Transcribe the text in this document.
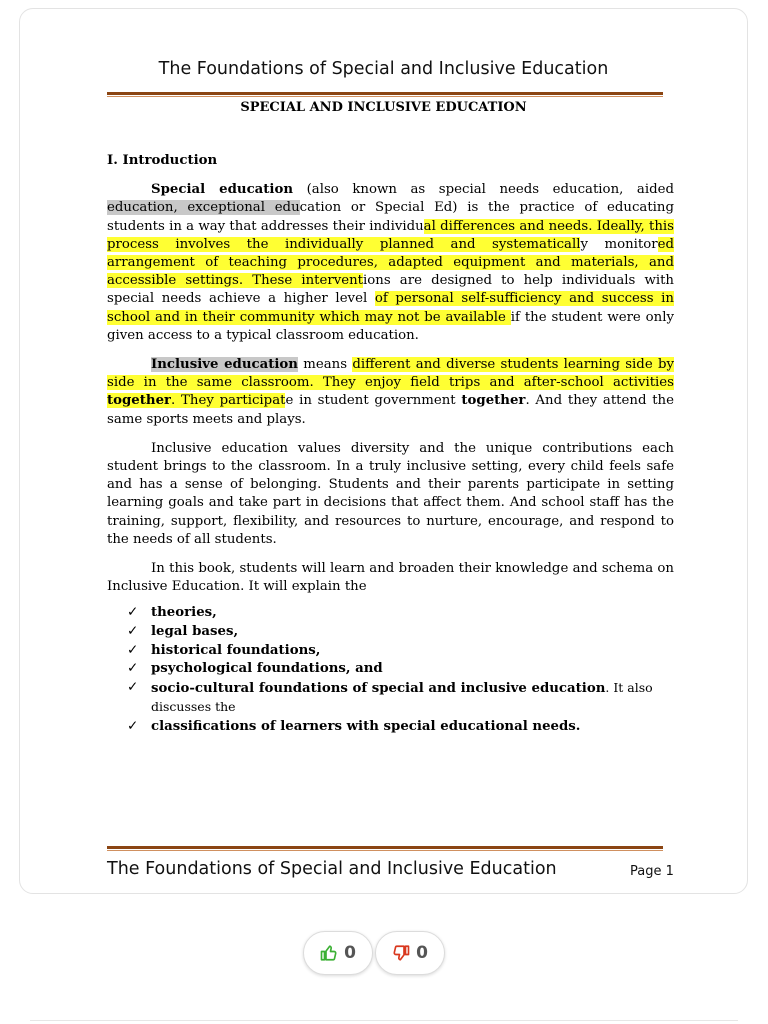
The Foundations of Special and Inclusive Education
SPECIAL AND INCLUSIVE EDUCATION

I. Introduction

Special education (also known as special needs education, aided education, exceptional education or Special Ed) is the practice of educating students in a way that addresses their individual differences and needs. Ideally, this process involves the individually planned and systematically monitored arrangement of teaching procedures, adapted equipment and materials, and accessible settings. These interventions are designed to help individuals with special needs achieve a higher level of personal self-sufficiency and success in school and in their community which may not be available if the student were only given access to a typical classroom education.

Inclusive education means different and diverse students learning side by side in the same classroom. They enjoy field trips and after-school activities together. They participate in student government together. And they attend the same sports meets and plays.

Inclusive education values diversity and the unique contributions each student brings to the classroom. In a truly inclusive setting, every child feels safe and has a sense of belonging. Students and their parents participate in setting learning goals and take part in decisions that affect them. And school staff has the training, support, flexibility, and resources to nurture, encourage, and respond to the needs of all students.

In this book, students will learn and broaden their knowledge and schema on Inclusive Education. It will explain the

✓ theories,
✓ legal bases,
✓ historical foundations,
✓ psychological foundations, and
✓ socio-cultural foundations of special and inclusive education. It also discusses the
✓ classifications of learners with special educational needs.
The Foundations of Special and Inclusive Education	Page 1
0	0
